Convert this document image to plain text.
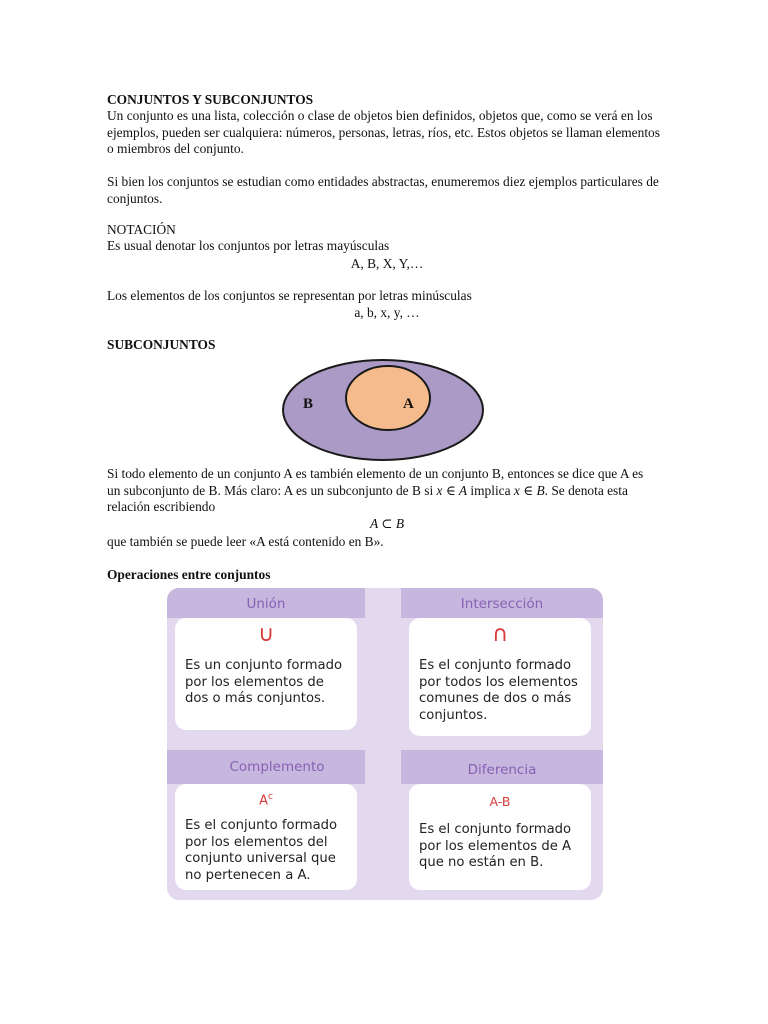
CONJUNTOS Y SUBCONJUNTOS
Un conjunto es una lista, colección o clase de objetos bien definidos, objetos que, como se verá en los ejemplos, pueden ser cualquiera: números, personas, letras, ríos, etc. Estos objetos se llaman elementos o miembros del conjunto.
Si bien los conjuntos se estudian como entidades abstractas, enumeremos diez ejemplos particulares de conjuntos.
NOTACIÓN
Es usual denotar los conjuntos por letras mayúsculas
A, B, X, Y,…
Los elementos de los conjuntos se representan por letras minúsculas
a, b, x, y, …
SUBCONJUNTOS
B	A
Si todo elemento de un conjunto A es también elemento de un conjunto B, entonces se dice que A es
un subconjunto de B. Más claro: A es un subconjunto de B si x ∈ A implica x ∈ B. Se denota esta
relación escribiendo
A ⊂ B
que también se puede leer «A está contenido en B».
Operaciones entre conjuntos
Unión
∪
Es un conjunto formado por los elementos de dos o más conjuntos.
Intersección
∩
Es el conjunto formado por todos los elementos comunes de dos o más conjuntos.
Complemento
$A^c$
Es el conjunto formado por los elementos del conjunto universal que no pertenecen a A.
Diferencia
A-B
Es el conjunto formado por los elementos de A que no están en B.
